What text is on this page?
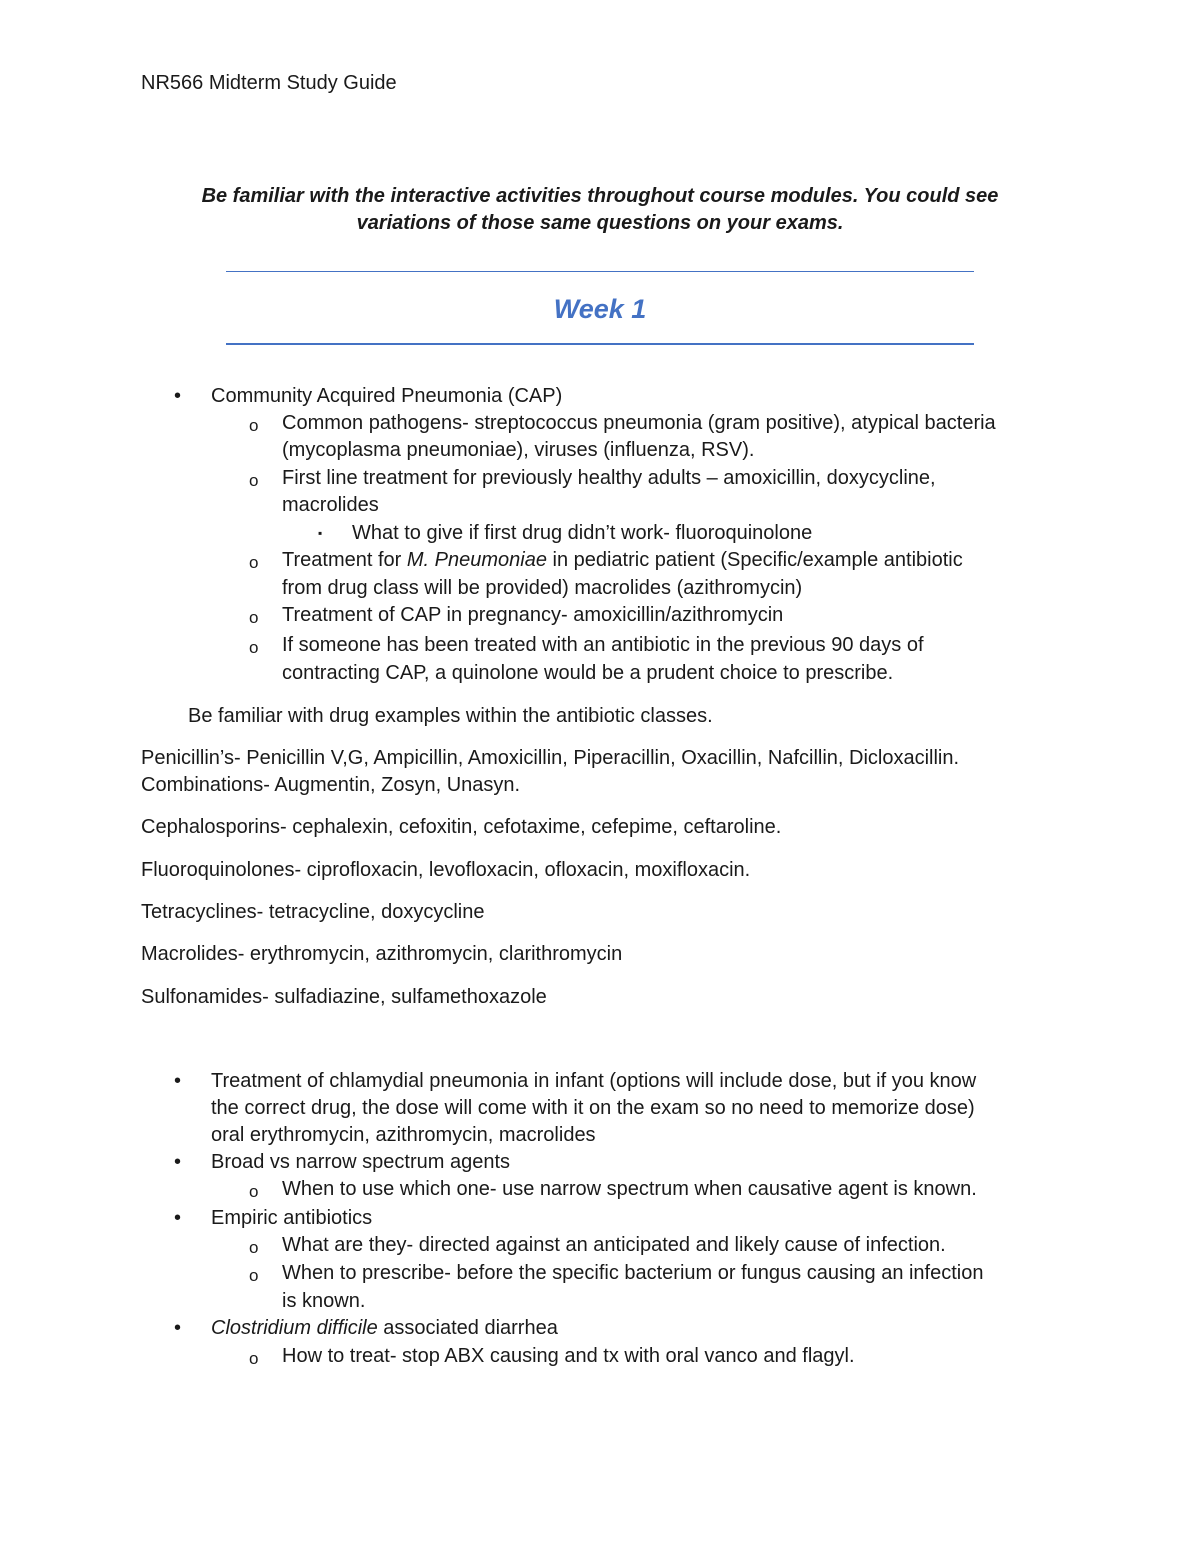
NR566 Midterm Study Guide
Be familiar with the interactive activities throughout course modules. You could see
variations of those same questions on your exams.
Week 1
• Community Acquired Pneumonia (CAP)
o Common pathogens- streptococcus pneumonia (gram positive), atypical bacteria
(mycoplasma pneumoniae), viruses (influenza, RSV).
o First line treatment for previously healthy adults – amoxicillin, doxycycline,
macrolides
▪ What to give if first drug didn’t work- fluoroquinolone
o Treatment for M. Pneumoniae in pediatric patient (Specific/example antibiotic
from drug class will be provided) macrolides (azithromycin)
o Treatment of CAP in pregnancy- amoxicillin/azithromycin
o If someone has been treated with an antibiotic in the previous 90 days of
contracting CAP, a quinolone would be a prudent choice to prescribe.
Be familiar with drug examples within the antibiotic classes.
Penicillin’s- Penicillin V,G, Ampicillin, Amoxicillin, Piperacillin, Oxacillin, Nafcillin, Dicloxacillin.
Combinations- Augmentin, Zosyn, Unasyn.
Cephalosporins- cephalexin, cefoxitin, cefotaxime, cefepime, ceftaroline.
Fluoroquinolones- ciprofloxacin, levofloxacin, ofloxacin, moxifloxacin.
Tetracyclines- tetracycline, doxycycline
Macrolides- erythromycin, azithromycin, clarithromycin
Sulfonamides- sulfadiazine, sulfamethoxazole
• Treatment of chlamydial pneumonia in infant (options will include dose, but if you know
the correct drug, the dose will come with it on the exam so no need to memorize dose)
oral erythromycin, azithromycin, macrolides
• Broad vs narrow spectrum agents
o When to use which one- use narrow spectrum when causative agent is known.
• Empiric antibiotics
o What are they- directed against an anticipated and likely cause of infection.
o When to prescribe- before the specific bacterium or fungus causing an infection
is known.
• Clostridium difficile associated diarrhea
o How to treat- stop ABX causing and tx with oral vanco and flagyl.
